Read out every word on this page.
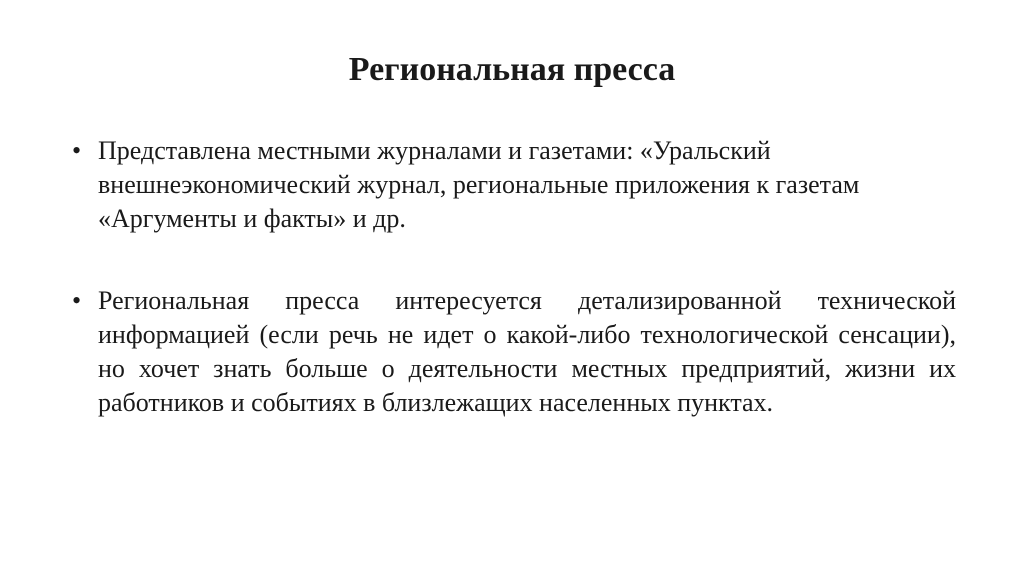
Региональная пресса
• Представлена местными журналами и газетами: «Уральский внешнеэкономический журнал, региональные приложения к газетам «Аргументы и факты» и др.
• Региональная пресса интересуется детализированной технической информацией (если речь не идет о какой-либо технологической сенсации), но хочет знать больше о деятельности местных предприятий, жизни их работников и событиях в близлежащих населенных пунктах.
